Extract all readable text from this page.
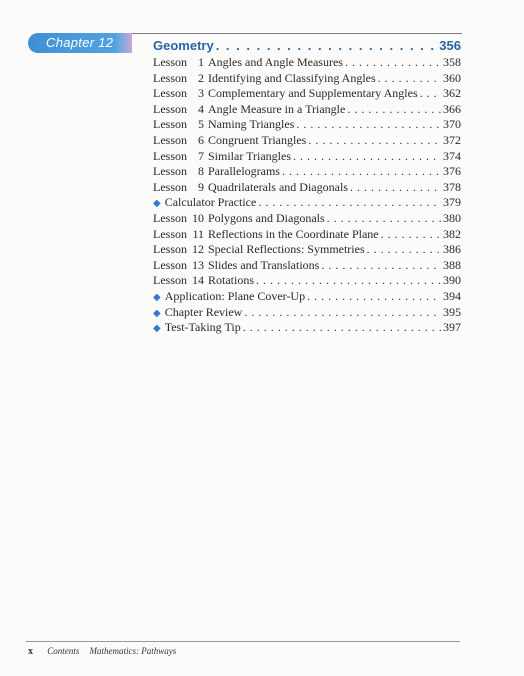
Chapter 12	Geometry . . .	356
Lesson 1 Angles and Angle Measures . . .	358
Lesson 2 Identifying and Classifying Angles . . .	360
Lesson 3 Complementary and Supplementary Angles . . . 362
Lesson 4 Angle Measure in a Triangle . . .	366
Lesson 5 Naming Triangles . . .	370
Lesson 6 Congruent Triangles . . .	372
Lesson 7 Similar Triangles . . .	374
Lesson 8 Parallelograms . . .	376
Lesson 9 Quadrilaterals and Diagonals . . .	378
◆ Calculator Practice . . .	379
Lesson 10 Polygons and Diagonals . . .	380
Lesson 11 Reflections in the Coordinate Plane . . .	382
Lesson 12 Special Reflections: Symmetries . . .	386
Lesson 13 Slides and Translations . . .	388
Lesson 14 Rotations . . .	390
◆ Application: Plane Cover-Up . . .	394
◆ Chapter Review . . .	395
◆ Test-Taking Tip . . .	397
x Contents Mathematics: Pathways
